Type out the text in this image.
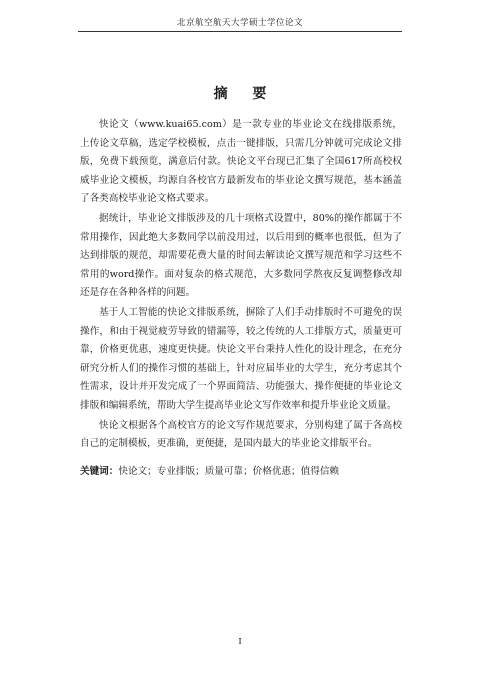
北京航空航天大学硕士学位论文
摘 要

快论文（www.kuai65.com）是一款专业的毕业论文在线排版系统，上传论文草稿，选定学校模板，点击一键排版，只需几分钟就可完成论文排版，免费下载预览，满意后付款。快论文平台现已汇集了全国617所高校权威毕业论文模板，均源自各校官方最新发布的毕业论文撰写规范，基本涵盖了各类高校毕业论文格式要求。

据统计，毕业论文排版涉及的几十项格式设置中，80%的操作都属于不常用操作，因此绝大多数同学以前没用过，以后用到的概率也很低，但为了达到排版的规范，却需要花费大量的时间去解读论文撰写规范和学习这些不常用的word操作。面对复杂的格式规范，大多数同学熬夜反复调整修改却还是存在各种各样的问题。

基于人工智能的快论文排版系统，摒除了人们手动排版时不可避免的误操作，和由于视觉疲劳导致的错漏等，较之传统的人工排版方式，质量更可靠，价格更优惠，速度更快捷。快论文平台秉持人性化的设计理念，在充分研究分析人们的操作习惯的基础上，针对应届毕业的大学生，充分考虑其个性需求，设计并开发完成了一个界面简洁、功能强大、操作便捷的毕业论文排版和编辑系统，帮助大学生提高毕业论文写作效率和提升毕业论文质量。

快论文根据各个高校官方的论文写作规范要求，分别构建了属于各高校自己的定制模板，更准确，更便捷，是国内最大的毕业论文排版平台。

关键词：快论文；专业排版；质量可靠；价格优惠；值得信赖
I
